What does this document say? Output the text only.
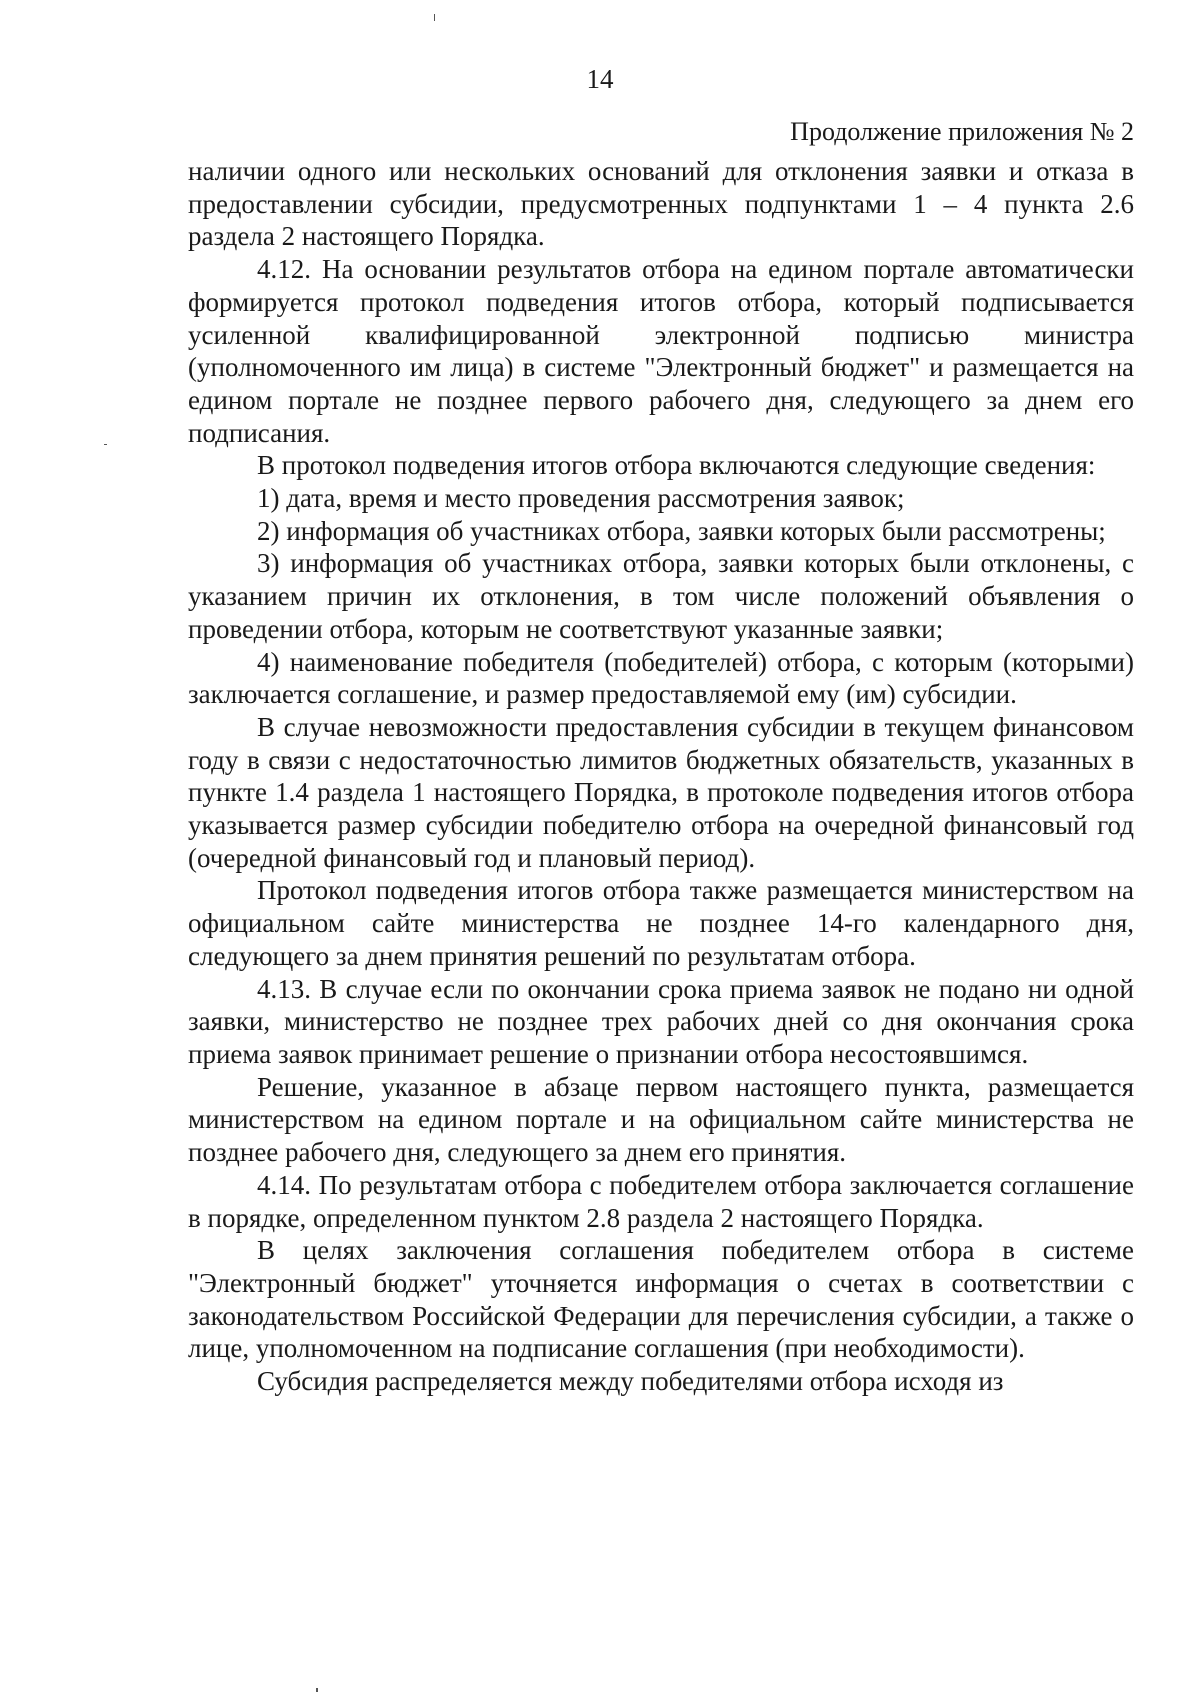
14
Продолжение приложения № 2

наличии одного или нескольких оснований для отклонения заявки и отказа в предоставлении субсидии, предусмотренных подпунктами 1 – 4 пункта 2.6 раздела 2 настоящего Порядка.

4.12. На основании результатов отбора на едином портале автоматически формируется протокол подведения итогов отбора, который подписывается усиленной квалифицированной электронной подписью министра (уполномоченного им лица) в системе "Электронный бюджет" и размещается на едином портале не позднее первого рабочего дня, следующего за днем его подписания.

В протокол подведения итогов отбора включаются следующие сведения:

1) дата, время и место проведения рассмотрения заявок;

2) информация об участниках отбора, заявки которых были рассмотрены;

3) информация об участниках отбора, заявки которых были отклонены, с указанием причин их отклонения, в том числе положений объявления о проведении отбора, которым не соответствуют указанные заявки;

4) наименование победителя (победителей) отбора, с которым (которыми) заключается соглашение, и размер предоставляемой ему (им) субсидии.

В случае невозможности предоставления субсидии в текущем финансовом году в связи с недостаточностью лимитов бюджетных обязательств, указанных в пункте 1.4 раздела 1 настоящего Порядка, в протоколе подведения итогов отбора указывается размер субсидии победителю отбора на очередной финансовый год (очередной финансовый год и плановый период).

Протокол подведения итогов отбора также размещается министерством на официальном сайте министерства не позднее 14-го календарного дня, следующего за днем принятия решений по результатам отбора.

4.13. В случае если по окончании срока приема заявок не подано ни одной заявки, министерство не позднее трех рабочих дней со дня окончания срока приема заявок принимает решение о признании отбора несостоявшимся.

Решение, указанное в абзаце первом настоящего пункта, размещается министерством на едином портале и на официальном сайте министерства не позднее рабочего дня, следующего за днем его принятия.

4.14. По результатам отбора с победителем отбора заключается соглашение в порядке, определенном пунктом 2.8 раздела 2 настоящего Порядка.

В целях заключения соглашения победителем отбора в системе "Электронный бюджет" уточняется информация о счетах в соответствии с законодательством Российской Федерации для перечисления субсидии, а также о лице, уполномоченном на подписание соглашения (при необходимости).

Субсидия распределяется между победителями отбора исходя из
